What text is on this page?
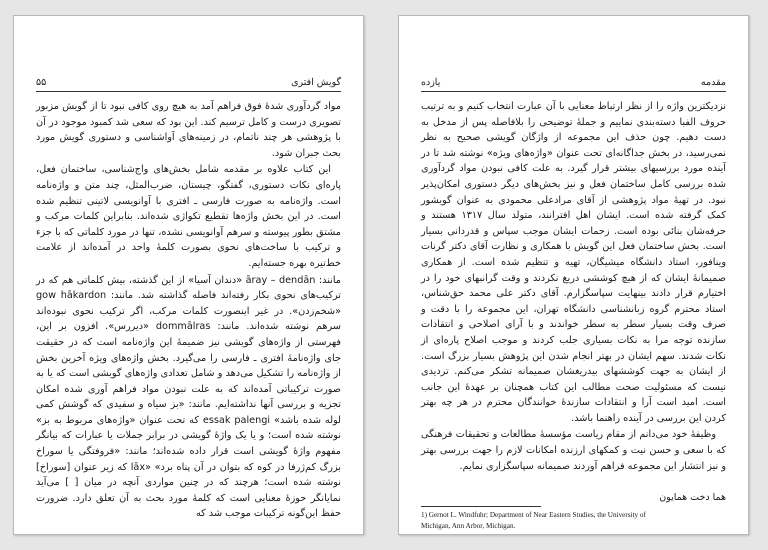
گویش افتری
۵۵

مواد گردآوری شدهٔ فوق فراهم آمد به هیچ روی کافی نبود تا از گویش مزبور تصویری درست و کامل ترسیم کند. این بود که سعی شد کمبود موجود در آن با پژوهشی هر چند ناتمام، در زمینه‌های آواشناسی و دستوری گویش مورد بحث جبران شود.

این کتاب علاوه بر مقدمه شامل بخش‌های واج‌شناسی، ساختمان فعل، پاره‌ای نکات دستوری، گفتگو، چیستان، ضرب‌المثل، چند متن و واژه‌نامه است. واژه‌نامه به صورت فارسی ـ افتری با آوانویسی لاتینی تنظیم شده است. در این بخش واژه‌ها تقطیع تکواژی شده‌اند. بنابراین کلمات مرکب و مشتق بطور پیوسته و سرهم آوانویسی نشده، تنها در مورد کلماتی که با جزء و ترکیب با ساخت‌های نحوی بصورت کلمهٔ واحد در آمده‌اند از علامت خط‌تیره بهره جسته‌ایم.

مانند: āray – dendān «دندان آسیا» از این گذشته، بیش کلماتی هم که در ترکیب‌های نحوی بکار رفته‌اند فاصله گذاشته شد. مانند: gow hākardon «شخم‌زدن». در غیر اینصورت کلمات مرکب، اگر ترکیب نحوی نبوده‌اند سرهم نوشته شده‌اند. مانند: dommālras «دیررس». افزون بر این، فهرستی از واژه‌های گویشی نیز ضمیمهٔ این واژه‌نامه است که در حقیقت جای واژه‌نامهٔ افتری ـ فارسی را می‌گیرد. بخش واژه‌های ویژه آخرین بخش از واژه‌نامه را تشکیل می‌دهد و شامل تعدادی واژه‌های گویشی است که یا به صورت ترکیباتی آمده‌اند که به علت نبودن مواد فراهم آوری شده امکان تجزیه و بررسی آنها نداشته‌ایم. مانند: «بز سیاه و سفیدی که گوشش کمی لوله شده باشد» essak palengi که تحت عنوان «واژه‌های مربوط به بز» نوشته شده است؛ و یا یک واژهٔ گویشی در برابر جملات یا عبارات که بیانگر مفهوم واژهٔ گویشی است قرار داده شده‌اند؛ مانند: «فروفتگی یا سوراخ بزرگ کم‌ژرفا در کوه که بتوان در آن پناه برد» «lāx که زیر عنوان [سوراخ] نوشته شده است؛ هرچند که در چنین مواردی آنچه در میان [ ] می‌آید نمایانگر حوزهٔ معنایی است که کلمهٔ مورد بحث به آن تعلق دارد. ضرورت حفظ این‌گونه ترکیبات موجب شد که

مقدمه
یازده

نزدیکترین واژه را از نظر ارتباط معنایی با آن عبارت انتخاب کنیم و به ترتیب حروف الفبا دسته‌بندی نماییم و جملهٔ توضیحی را بلافاصله پس از مدخل به دست دهیم. چون حذف این مجموعه از واژگان گویشی صحیح به نظر نمی‌رسید، در بخش جداگانه‌ای تحت عنوان «واژه‌های ویژه» نوشته شد تا در آینده مورد بررسیهای بیشتر قرار گیرد. به علت کافی نبودن مواد گردآوری شده بررسی کامل ساختمان فعل و نیز بخش‌های دیگر دستوری امکان‌پذیر نبود. در تهیهٔ مواد پژوهشی از آقای مرادعلی محمودی به عنوان گویشور کمک گرفته شده است. ایشان اهل افترانند، متولد سال ۱۳۱۷ هستند و حرفه‌شان بنائی بوده است. زحمات ایشان موجب سپاس و قدردانی بسیار است. بخش ساختمان فعل این گویش با همکاری و نظارت آقای دکتر گرنات وینافور، استاد دانشگاه میشیگان، تهیه و تنظیم شده است. از همکاری صمیمانهٔ ایشان که از هیچ کوششی دریغ نکردند و وقت گرانبهای خود را در اختیارم قرار دادند بینهایت سپاسگزارم. آقای دکتر علی محمد حق‌شناس، استاد محترم گروه زبانشناسی دانشگاه تهران، این مجموعه را با دقت و صرف وقت بسیار سطر به سطر خواندند و با آرای اصلاحی و انتقادات سازنده توجه مرا به نکات بسیاری جلب کردند و موجب اصلاح پاره‌ای از نکات شدند. سهم ایشان در بهتر انجام شدن این پژوهش بسیار بزرگ است. از ایشان به جهت کوششهای بیدریغشان صمیمانه تشکر می‌کنم. تردیدی نیست که مسئولیت صحت مطالب این کتاب همچنان بر عهدهٔ این جانب است. امید است آرا و انتقادات سازندهٔ خوانندگان محترم در هر چه بهتر کردن این بررسی در آینده راهنما باشد.

وظیفهٔ خود می‌دانم از مقام ریاست مؤسسهٔ مطالعات و تحقیقات فرهنگی که با سعی و حسن نیت و کمکهای ارزنده امکانات لازم را جهت بررسی بهتر و نیز انتشار این مجموعه فراهم آوردند صمیمانه سپاسگزاری نمایم.

هما دخت همایون
1) Gernot L. Windfuhr; Department of Near Eastern Studies, the University of Michigan, Ann Arbor, Michigan.
